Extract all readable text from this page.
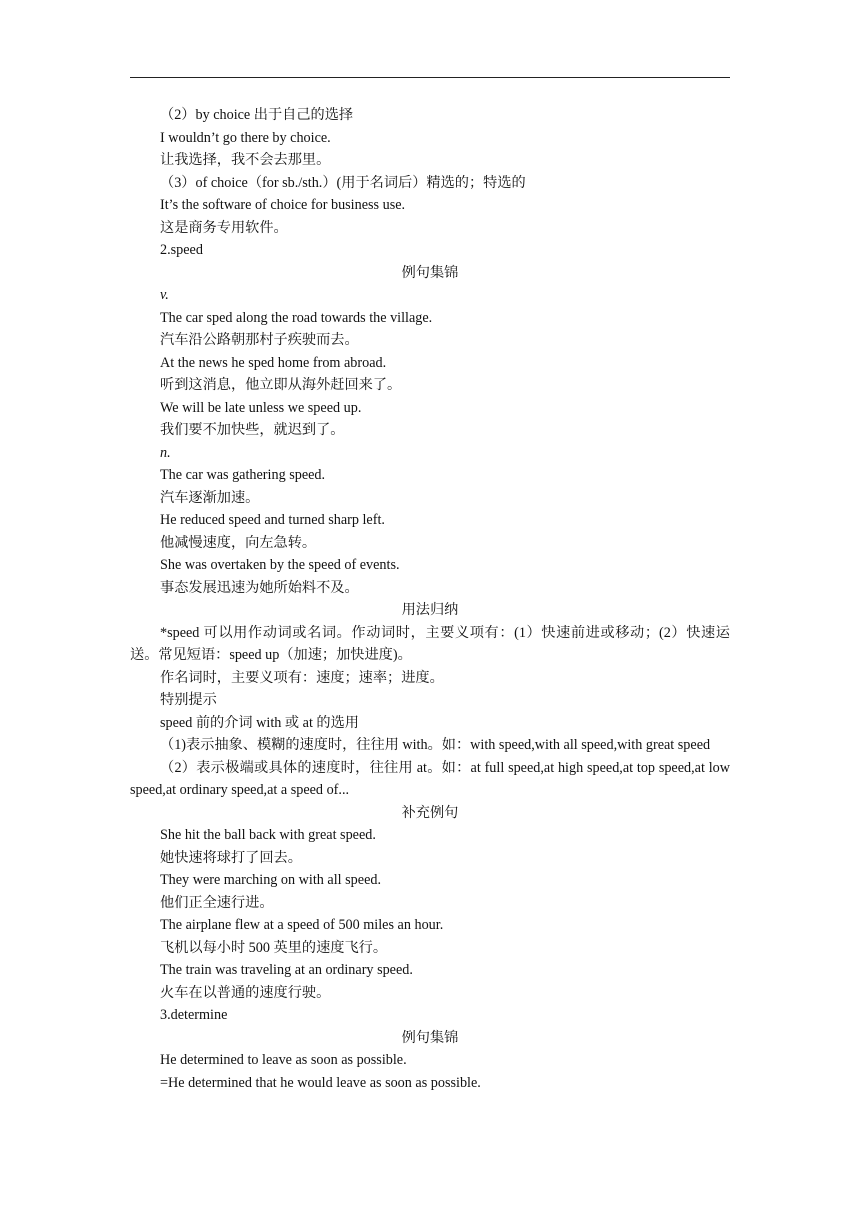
（2）by choice 出于自己的选择
I wouldn’t go there by choice.
让我选择，我不会去那里。
（3）of choice（for sb./sth.）(用于名词后）精选的；特选的
It’s the software of choice for business use.
这是商务专用软件。
2.speed
例句集锦
v.
The car sped along the road towards the village.
汽车沿公路朝那村子疾驶而去。
At the news he sped home from abroad.
听到这消息，他立即从海外赶回来了。
We will be late unless we speed up.
我们要不加快些，就迟到了。
n.
The car was gathering speed.
汽车逐渐加速。
He reduced speed and turned sharp left.
他减慢速度，向左急转。
She was overtaken by the speed of events.
事态发展迅速为她所始料不及。
用法归纳
*speed 可以用作动词或名词。作动词时，主要义项有：(1）快速前进或移动；(2）快速运送。常见短语：speed up（加速；加快进度)。
作名词时，主要义项有：速度；速率；进度。
特别提示
speed 前的介词 with 或 at 的选用
（1)表示抽象、模糊的速度时，往往用 with。如：with speed,with all speed,with great speed
（2）表示极端或具体的速度时，往往用 at。如：at full speed,at high speed,at top speed,at low speed,at ordinary speed,at a speed of...
补充例句
She hit the ball back with great speed.
她快速将球打了回去。
They were marching on with all speed.
他们正全速行进。
The airplane flew at a speed of 500 miles an hour.
飞机以每小时 500 英里的速度飞行。
The train was traveling at an ordinary speed.
火车在以普通的速度行驶。
3.determine
例句集锦
He determined to leave as soon as possible.
=He determined that he would leave as soon as possible.
